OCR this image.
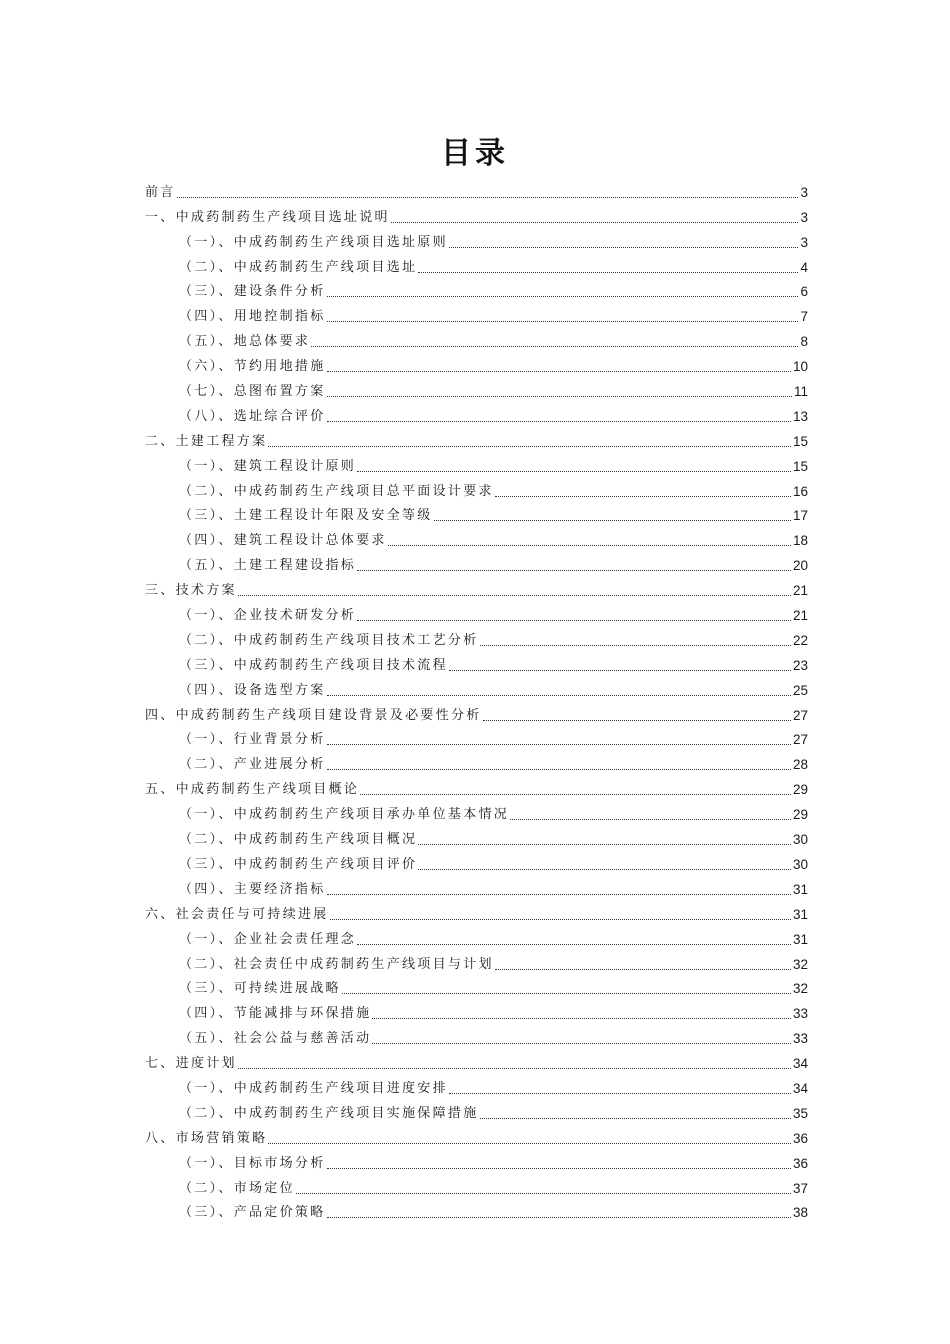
目录
前言	3
一、中成药制药生产线项目选址说明	3
（一）、中成药制药生产线项目选址原则	3
（二）、中成药制药生产线项目选址	4
（三）、建设条件分析	6
（四）、用地控制指标	7
（五）、地总体要求	8
（六）、节约用地措施	10
（七）、总图布置方案	11
（八）、选址综合评价	13
二、土建工程方案	15
（一）、建筑工程设计原则	15
（二）、中成药制药生产线项目总平面设计要求	16
（三）、土建工程设计年限及安全等级	17
（四）、建筑工程设计总体要求	18
（五）、土建工程建设指标	20
三、技术方案	21
（一）、企业技术研发分析	21
（二）、中成药制药生产线项目技术工艺分析	22
（三）、中成药制药生产线项目技术流程	23
（四）、设备选型方案	25
四、中成药制药生产线项目建设背景及必要性分析	27
（一）、行业背景分析	27
（二）、产业进展分析	28
五、中成药制药生产线项目概论	29
（一）、中成药制药生产线项目承办单位基本情况	29
（二）、中成药制药生产线项目概况	30
（三）、中成药制药生产线项目评价	30
（四）、主要经济指标	31
六、社会责任与可持续进展	31
（一）、企业社会责任理念	31
（二）、社会责任中成药制药生产线项目与计划	32
（三）、可持续进展战略	32
（四）、节能减排与环保措施	33
（五）、社会公益与慈善活动	33
七、进度计划	34
（一）、中成药制药生产线项目进度安排	34
（二）、中成药制药生产线项目实施保障措施	35
八、市场营销策略	36
（一）、目标市场分析	36
（二）、市场定位	37
（三）、产品定价策略	38
